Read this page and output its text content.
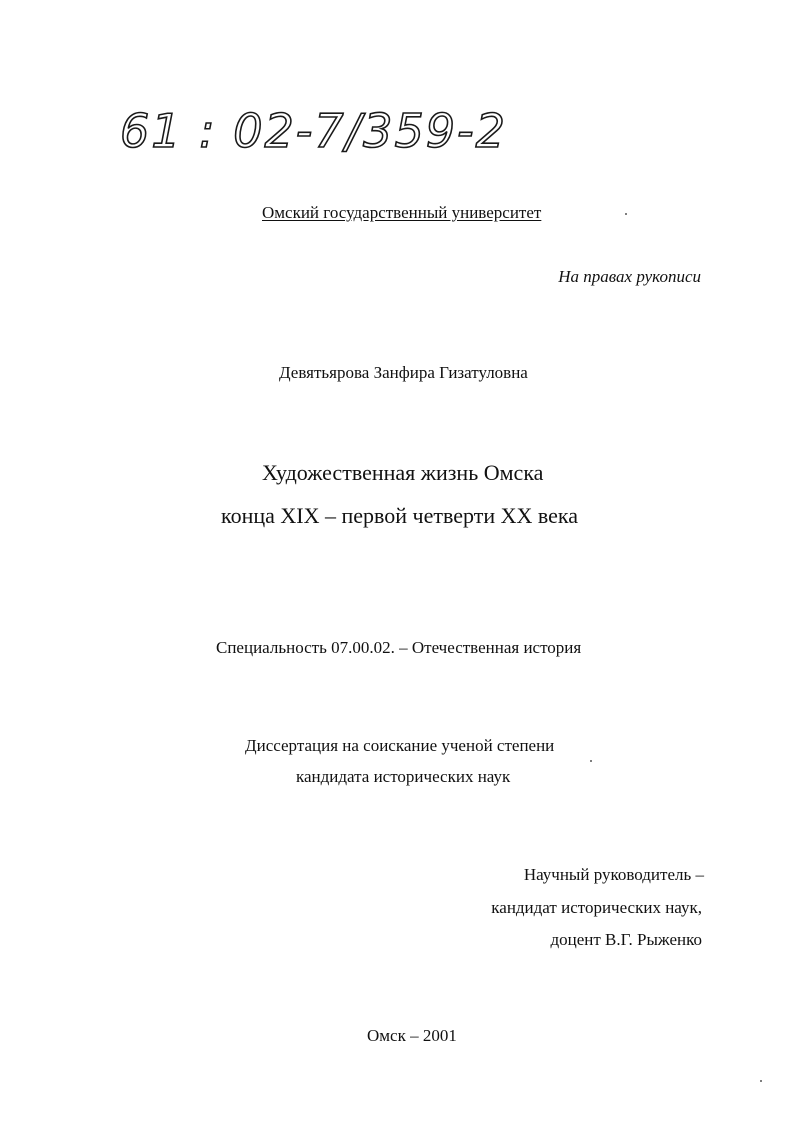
61 : 02-7/359-2
Омский государственный университет
На правах рукописи
Девятьярова Занфира Гизатуловна
Художественная жизнь Омска
конца XIX – первой четверти XX века
Специальность 07.00.02. – Отечественная история
Диссертация на соискание ученой степени
кандидата исторических наук
Научный руководитель –
кандидат исторических наук,
доцент В.Г. Рыженко
Омск – 2001
